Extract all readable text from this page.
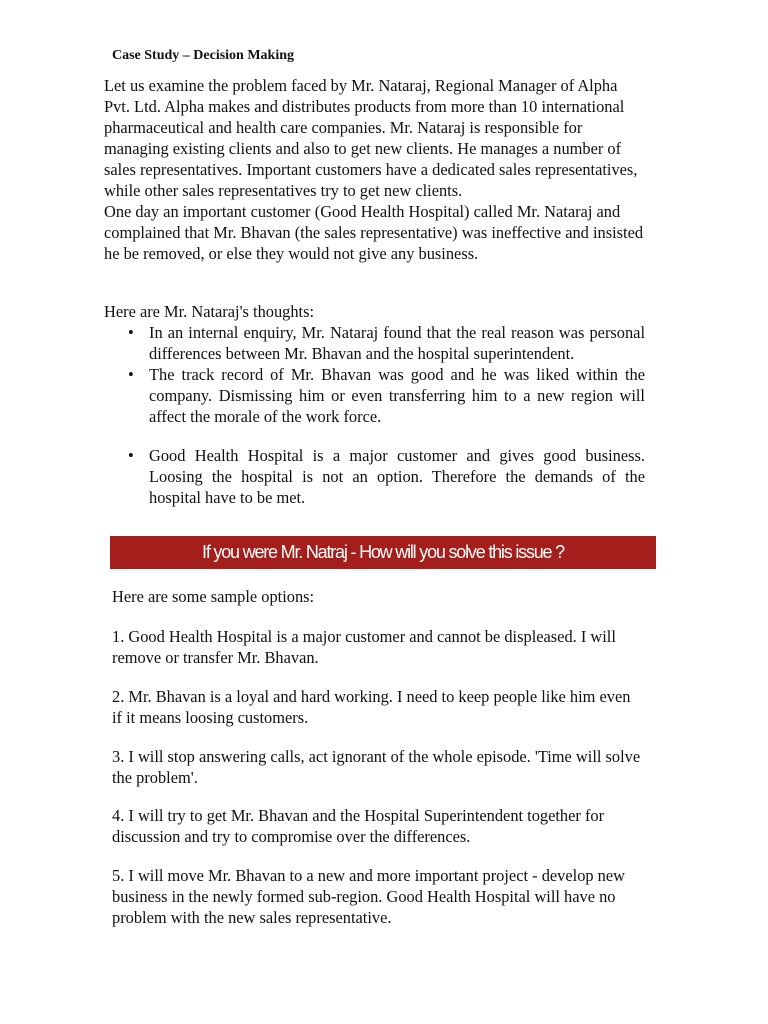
Case Study – Decision Making

Let us examine the problem faced by Mr. Nataraj, Regional Manager of Alpha Pvt. Ltd. Alpha makes and distributes products from more than 10 international pharmaceutical and health care companies. Mr. Nataraj is responsible for managing existing clients and also to get new clients. He manages a number of sales representatives. Important customers have a dedicated sales representatives, while other sales representatives try to get new clients.

One day an important customer (Good Health Hospital) called Mr. Nataraj and complained that Mr. Bhavan (the sales representative) was ineffective and insisted he be removed, or else they would not give any business.

Here are Mr. Nataraj's thoughts:
• In an internal enquiry, Mr. Nataraj found that the real reason was personal differences between Mr. Bhavan and the hospital superintendent.
• The track record of Mr. Bhavan was good and he was liked within the company. Dismissing him or even transferring him to a new region will affect the morale of the work force.
• Good Health Hospital is a major customer and gives good business. Loosing the hospital is not an option. Therefore the demands of the hospital have to be met.
If you were Mr. Natraj - How will you solve this issue ?
Here are some sample options:

1. Good Health Hospital is a major customer and cannot be displeased. I will remove or transfer Mr. Bhavan.

2. Mr. Bhavan is a loyal and hard working. I need to keep people like him even if it means loosing customers.

3. I will stop answering calls, act ignorant of the whole episode. 'Time will solve the problem'.

4. I will try to get Mr. Bhavan and the Hospital Superintendent together for discussion and try to compromise over the differences.

5. I will move Mr. Bhavan to a new and more important project - develop new business in the newly formed sub-region. Good Health Hospital will have no problem with the new sales representative.
